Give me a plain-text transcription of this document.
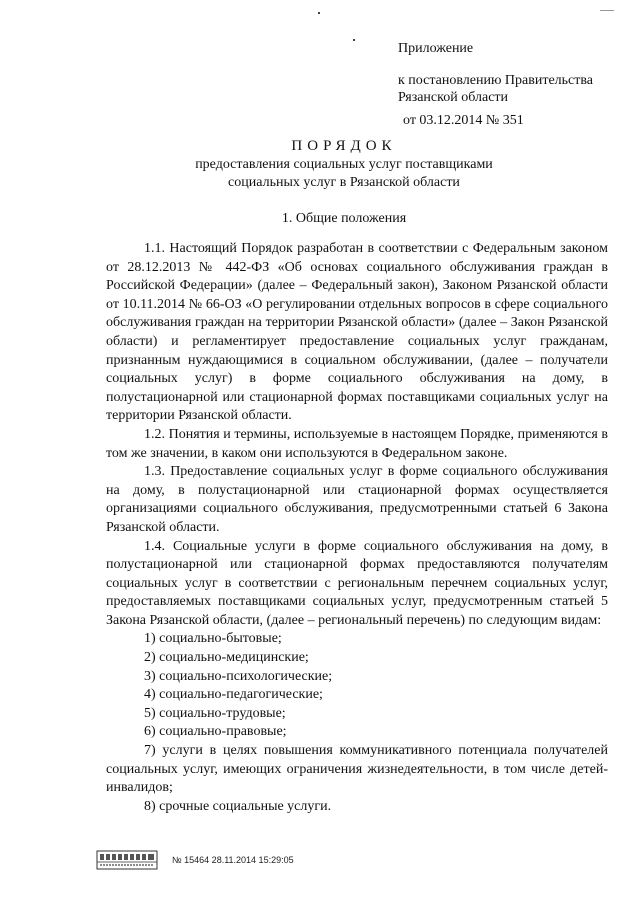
Приложение
к постановлению Правительства
Рязанской области
от 03.12.2014 № 351
ПОРЯДОК
предоставления социальных услуг поставщиками
социальных услуг в Рязанской области
1. Общие положения

1.1. Настоящий Порядок разработан в соответствии с Федеральным законом от 28.12.2013 № 442-ФЗ «Об основах социального обслуживания граждан в Российской Федерации» (далее – Федеральный закон), Законом Рязанской области от 10.11.2014 № 66-ОЗ «О регулировании отдельных вопросов в сфере социального обслуживания граждан на территории Рязанской области» (далее – Закон Рязанской области) и регламентирует предоставление социальных услуг гражданам, признанным нуждающимися в социальном обслуживании, (далее – получатели социальных услуг) в форме социального обслуживания на дому, в полустационарной или стационарной формах поставщиками социальных услуг на территории Рязанской области.

1.2. Понятия и термины, используемые в настоящем Порядке, применяются в том же значении, в каком они используются в Федеральном законе.

1.3. Предоставление социальных услуг в форме социального обслуживания на дому, в полустационарной или стационарной формах осуществляется организациями социального обслуживания, предусмотренными статьей 6 Закона Рязанской области.

1.4. Социальные услуги в форме социального обслуживания на дому, в полустационарной или стационарной формах предоставляются получателям социальных услуг в соответствии с региональным перечнем социальных услуг, предоставляемых поставщиками социальных услуг, предусмотренным статьей 5 Закона Рязанской области, (далее – региональный перечень) по следующим видам:

1) социально-бытовые;
2) социально-медицинские;
3) социально-психологические;
4) социально-педагогические;
5) социально-трудовые;
6) социально-правовые;
7) услуги в целях повышения коммуникативного потенциала получателей социальных услуг, имеющих ограничения жизнедеятельности, в том числе детей-инвалидов;
8) срочные социальные услуги.
№ 15464 28.11.2014 15:29:05
